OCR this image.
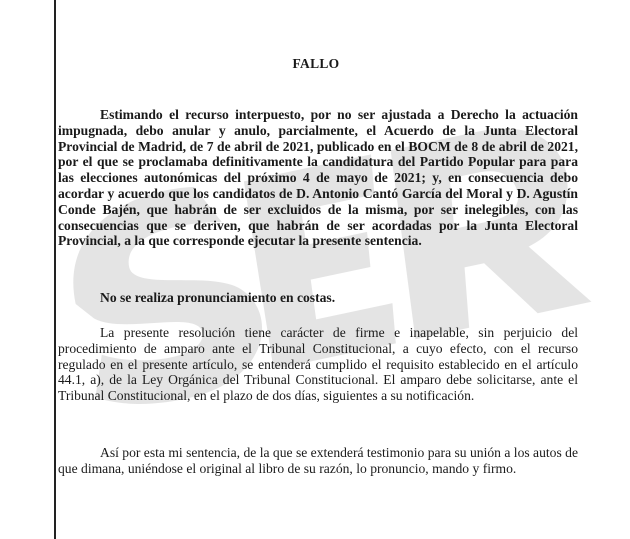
FALLO

Estimando el recurso interpuesto, por no ser ajustada a Derecho la actuación impugnada, debo anular y anulo, parcialmente, el Acuerdo de la Junta Electoral Provincial de Madrid, de 7 de abril de 2021, publicado en el BOCM de 8 de abril de 2021, por el que se proclamaba definitivamente la candidatura del Partido Popular para para las elecciones autonómicas del próximo 4 de mayo de 2021; y, en consecuencia debo acordar y acuerdo que los candidatos de D. Antonio Cantó García del Moral y D. Agustín Conde Bajén, que habrán de ser excluidos de la misma, por ser inelegibles, con las consecuencias que se deriven, que habrán de ser acordadas por la Junta Electoral Provincial, a la que corresponde ejecutar la presente sentencia.

No se realiza pronunciamiento en costas.

La presente resolución tiene carácter de firme e inapelable, sin perjuicio del procedimiento de amparo ante el Tribunal Constitucional, a cuyo efecto, con el recurso regulado en el presente artículo, se entenderá cumplido el requisito establecido en el artículo 44.1, a), de la Ley Orgánica del Tribunal Constitucional. El amparo debe solicitarse, ante el Tribunal Constitucional, en el plazo de dos días, siguientes a su notificación.

Así por esta mi sentencia, de la que se extenderá testimonio para su unión a los autos de que dimana, uniéndose el original al libro de su razón, lo pronuncio, mando y firmo.
